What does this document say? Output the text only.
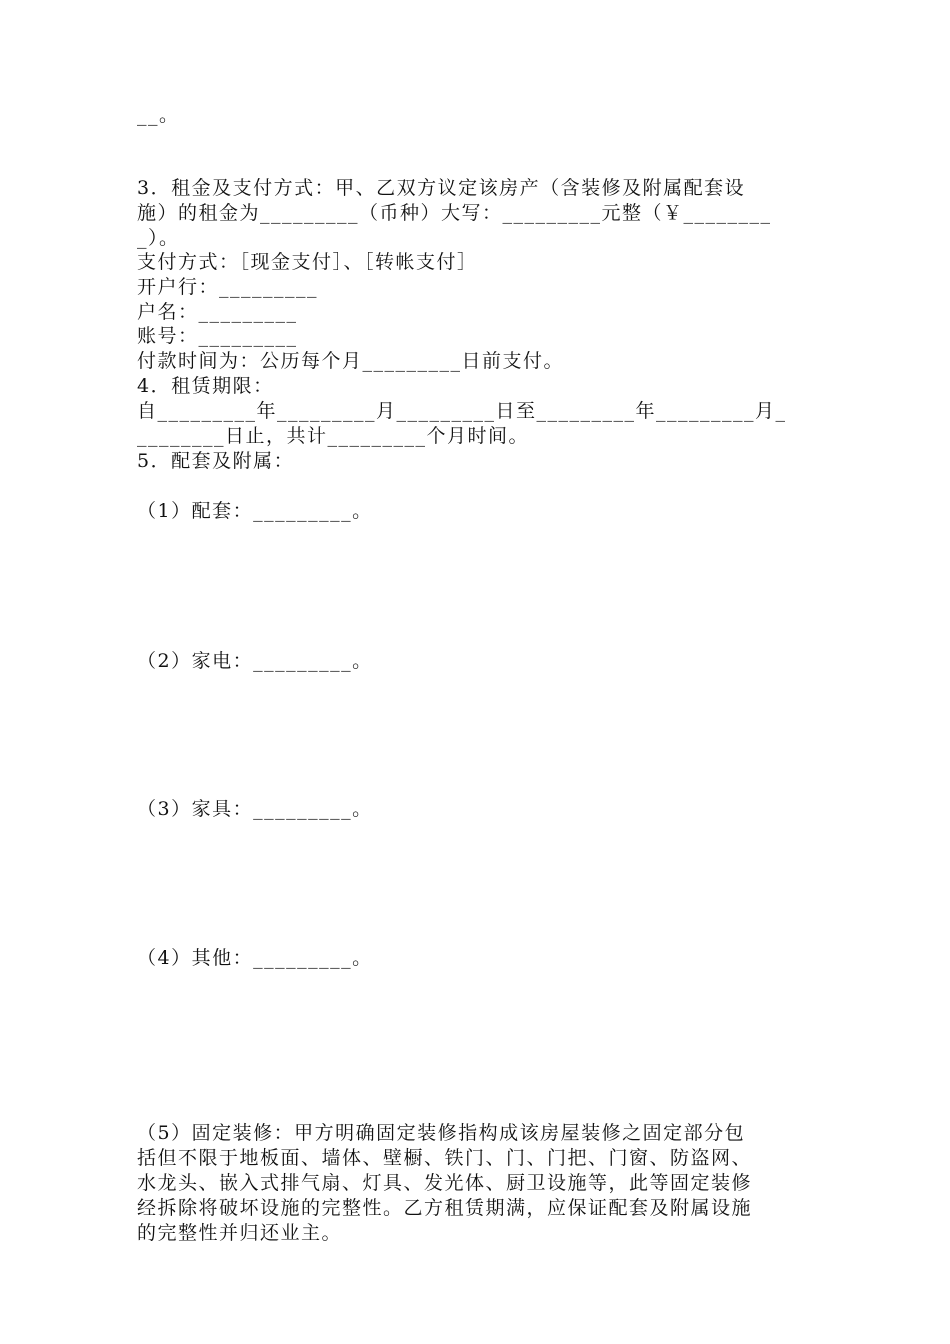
__。
3．租金及支付方式：甲、乙双方议定该房产（含装修及附属配套设
施）的租金为_________（币种）大写：_________元整（￥________
_）。
支付方式：［现金支付］、［转帐支付］
开户行：_________
户名：_________
账号：_________
付款时间为：公历每个月_________日前支付。
4．租赁期限：
自_________年_________月_________日至_________年_________月_
________日止，共计_________个月时间。
5．配套及附属：
（1）配套：_________。
（2）家电：_________。
（3）家具：_________。
（4）其他：_________。
（5）固定装修：甲方明确固定装修指构成该房屋装修之固定部分包
括但不限于地板面、墙体、壁橱、铁门、门、门把、门窗、防盗网、
水龙头、嵌入式排气扇、灯具、发光体、厨卫设施等，此等固定装修
经拆除将破坏设施的完整性。乙方租赁期满，应保证配套及附属设施
的完整性并归还业主。
